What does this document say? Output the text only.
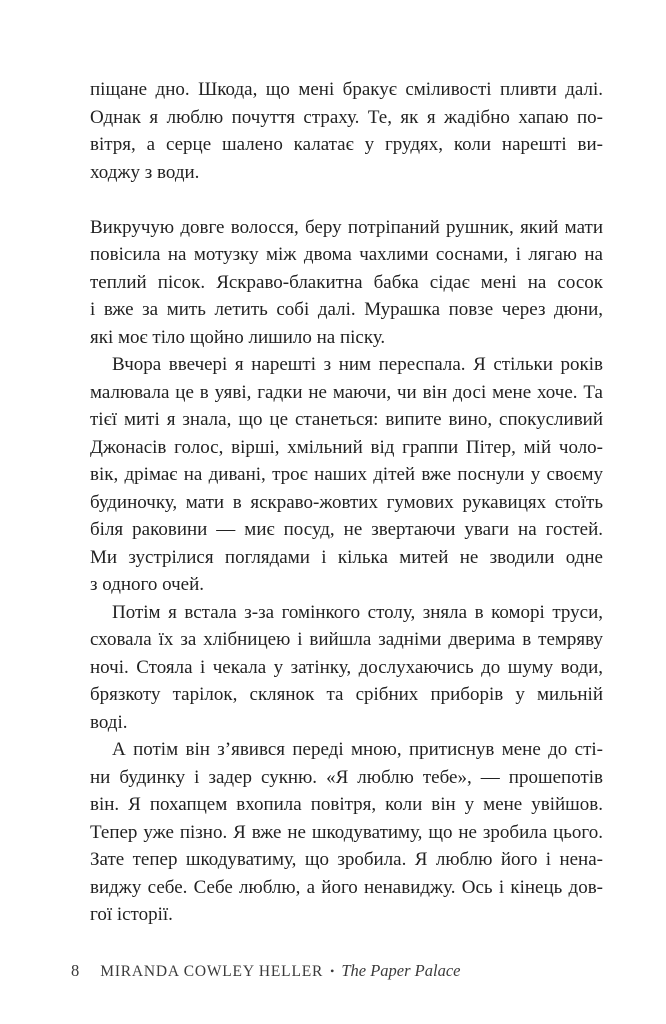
піщане дно. Шкода, що мені бракує сміливості пливти далі.
Однак я люблю почуття страху. Те, як я жадібно хапаю по-
вітря, а серце шалено калатає у грудях, коли нарешті ви-
ходжу з води.
Викручую довге волосся, беру потріпаний рушник, який мати
повісила на мотузку між двома чахлими соснами, і лягаю на
теплий пісок. Яскраво-блакитна бабка сідає мені на сосок
і вже за мить летить собі далі. Мурашка повзе через дюни,
які моє тіло щойно лишило на піску.
Вчора ввечері я нарешті з ним переспала. Я стільки років
малювала це в уяві, гадки не маючи, чи він досі мене хоче. Та
тієї миті я знала, що це станеться: випите вино, спокусливий
Джонасів голос, вірші, хмільний від граппи Пітер, мій чоло-
вік, дрімає на дивані, троє наших дітей вже поснули у своєму
будиночку, мати в яскраво-жовтих гумових рукавицях стоїть
біля раковини — миє посуд, не звертаючи уваги на гостей.
Ми зустрілися поглядами і кілька митей не зводили одне
з одного очей.
Потім я встала з-за гомінкого столу, зняла в коморі труси,
сховала їх за хлібницею і вийшла задніми дверима в темряву
ночі. Стояла і чекала у затінку, дослухаючись до шуму води,
брязкоту тарілок, склянок та срібних приборів у мильній
воді.
А потім він з’явився переді мною, притиснув мене до сті-
ни будинку і задер сукню. «Я люблю тебе», — прошепотів
він. Я похапцем вхопила повітря, коли він у мене увійшов.
Тепер уже пізно. Я вже не шкодуватиму, що не зробила цього.
Зате тепер шкодуватиму, що зробила. Я люблю його і нена-
виджу себе. Себе люблю, а його ненавиджу. Ось і кінець дов-
гої історії.
8 MIRANDA COWLEY HELLER • The Paper Palace
